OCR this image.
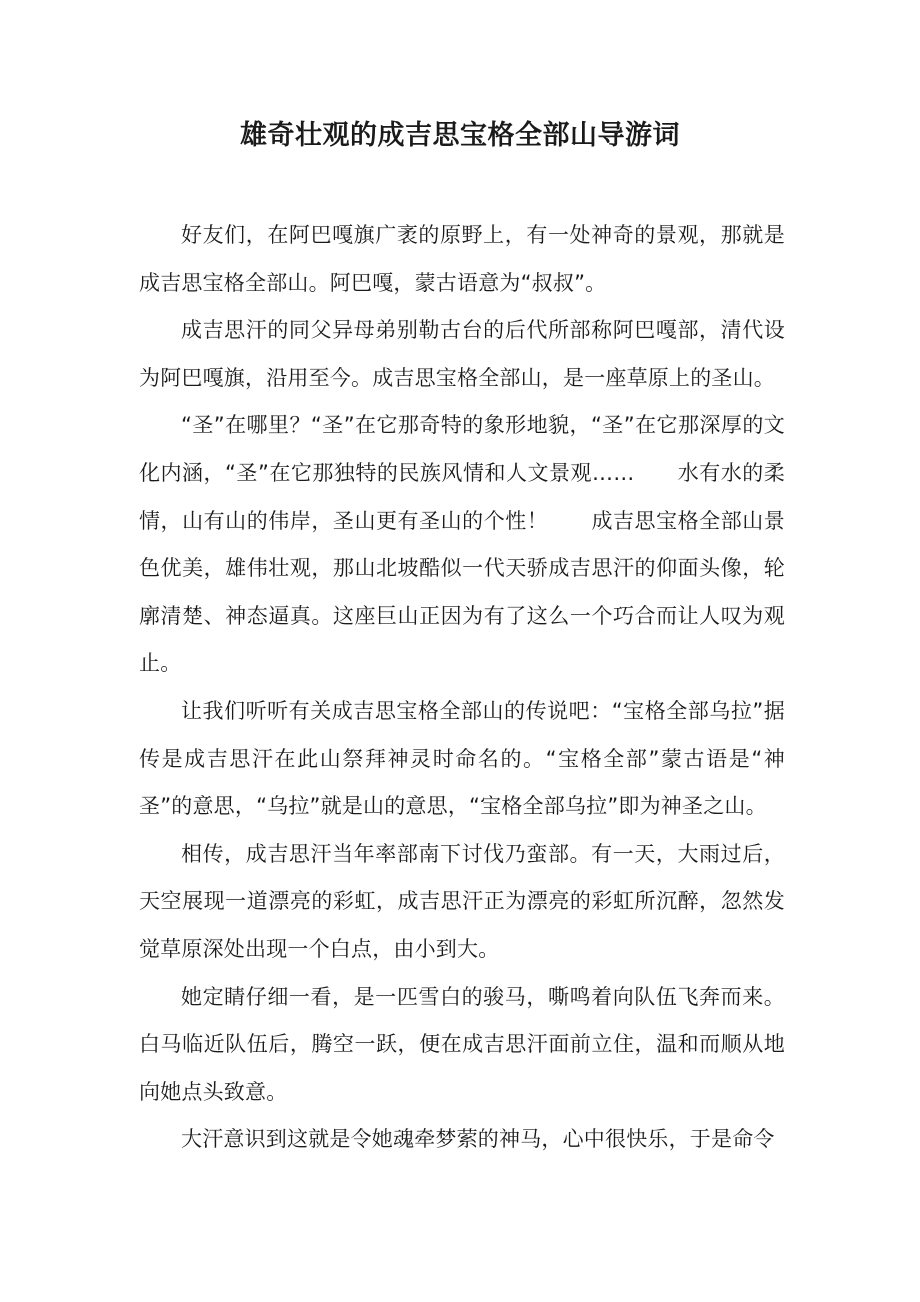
雄奇壮观的成吉思宝格全部山导游词

好友们，在阿巴嘎旗广袤的原野上，有一处神奇的景观，那就是成吉思宝格全部山。阿巴嘎，蒙古语意为“叔叔”。

成吉思汗的同父异母弟别勒古台的后代所部称阿巴嘎部，清代设为阿巴嘎旗，沿用至今。成吉思宝格全部山，是一座草原上的圣山。

“圣”在哪里？“圣”在它那奇特的象形地貌，“圣”在它那深厚的文化内涵，“圣”在它那独特的民族风情和人文景观……　　水有水的柔情，山有山的伟岸，圣山更有圣山的个性！　　成吉思宝格全部山景色优美，雄伟壮观，那山北坡酷似一代天骄成吉思汗的仰面头像，轮廓清楚、神态逼真。这座巨山正因为有了这么一个巧合而让人叹为观止。

让我们听听有关成吉思宝格全部山的传说吧：“宝格全部乌拉”据传是成吉思汗在此山祭拜神灵时命名的。“宝格全部”蒙古语是“神圣”的意思，“乌拉”就是山的意思，“宝格全部乌拉”即为神圣之山。

相传，成吉思汗当年率部南下讨伐乃蛮部。有一天，大雨过后，天空展现一道漂亮的彩虹，成吉思汗正为漂亮的彩虹所沉醉，忽然发觉草原深处出现一个白点，由小到大。

她定睛仔细一看，是一匹雪白的骏马，嘶鸣着向队伍飞奔而来。白马临近队伍后，腾空一跃，便在成吉思汗面前立住，温和而顺从地向她点头致意。

大汗意识到这就是令她魂牵梦萦的神马，心中很快乐，于是命令
